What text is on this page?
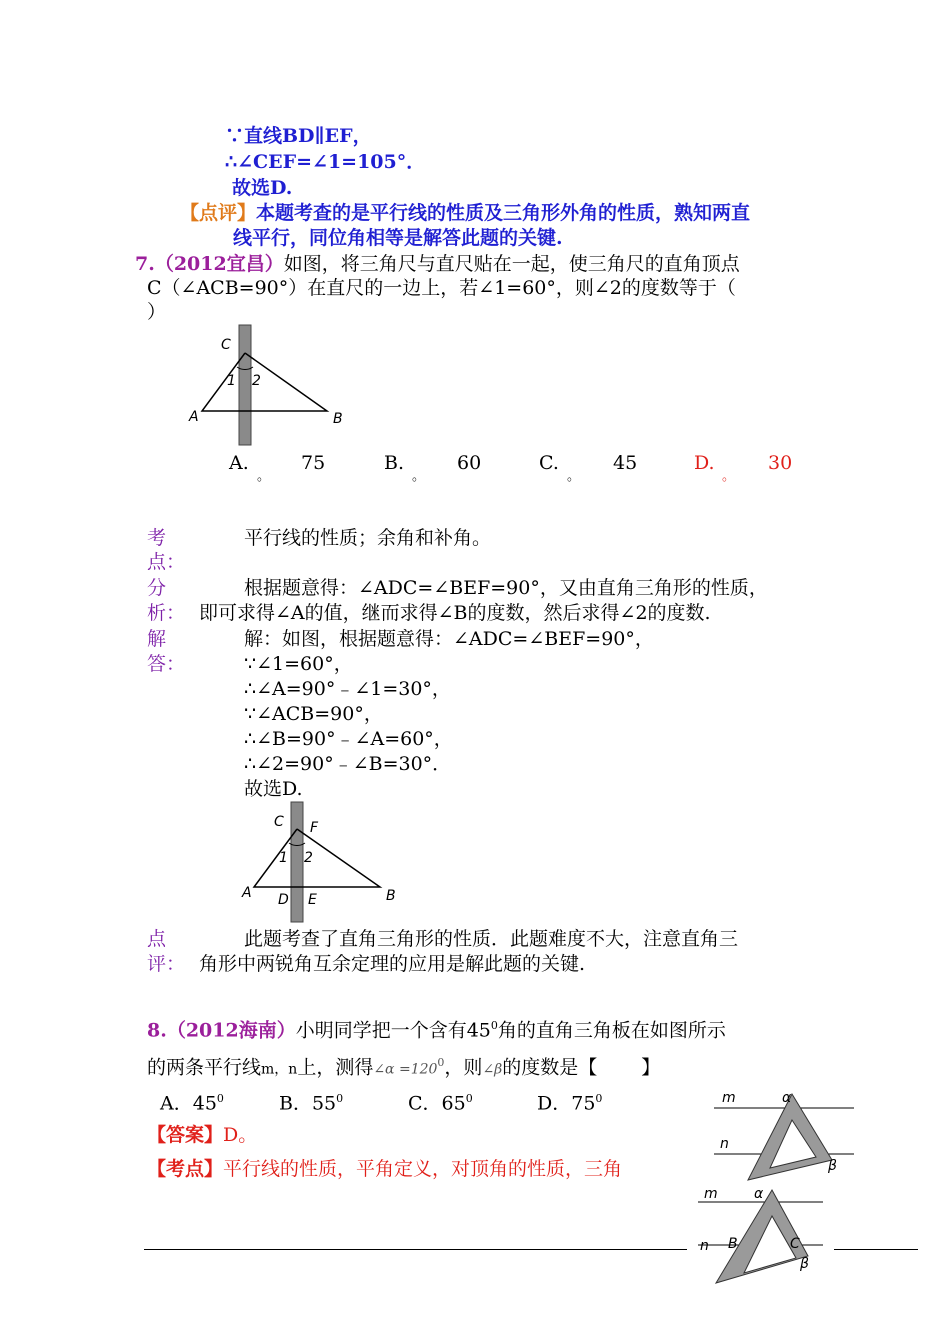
∵直线BD∥EF，
∴∠CEF=∠1=105°．
故选D.
【点评】本题考查的是平行线的性质及三角形外角的性质，熟知两直
线平行，同位角相等是解答此题的关键.
7.（2012宜昌）如图，将三角尺与直尺贴在一起，使三角尺的直角顶点
C（∠ACB=90°）在直尺的一边上，若∠1=60°，则∠2的度数等于（
）
C
A	B
1 2
A.	75
。
B.	60
。
C.	45
。
D.	30
。
考
点：
平行线的性质；余角和补角。
分
析：
根据题意得：∠ADC=∠BEF=90°，又由直角三角形的性质，
即可求得∠A的值，继而求得∠B的度数，然后求得∠2的度数.
解
答：
解：如图，根据题意得：∠ADC=∠BEF=90°，
∵∠1=60°，
∴∠A=90°﹣∠1=30°，
∵∠ACB=90°，
∴∠B=90°﹣∠A=60°，
∴∠2=90°﹣∠B=30°．
故选D.
C F
A D E	B
1 2
点
评：
此题考查了直角三角形的性质．此题难度不大，注意直角三
角形中两锐角互余定理的应用是解此题的关键.
8.（2012海南）小明同学把一个含有$45^0$角的直角三角板在如图所示
的两条平行线m，n上，测得∠α $=120^0$，则∠β的度数是【 】
A．$45^0$	B．$55^0$	C．$65^0$	D．$75^0$
【答案】D。
【考点】平行线的性质，平角定义，对顶角的性质，三角
m
n
α
β
m
n
α
B	C
β
